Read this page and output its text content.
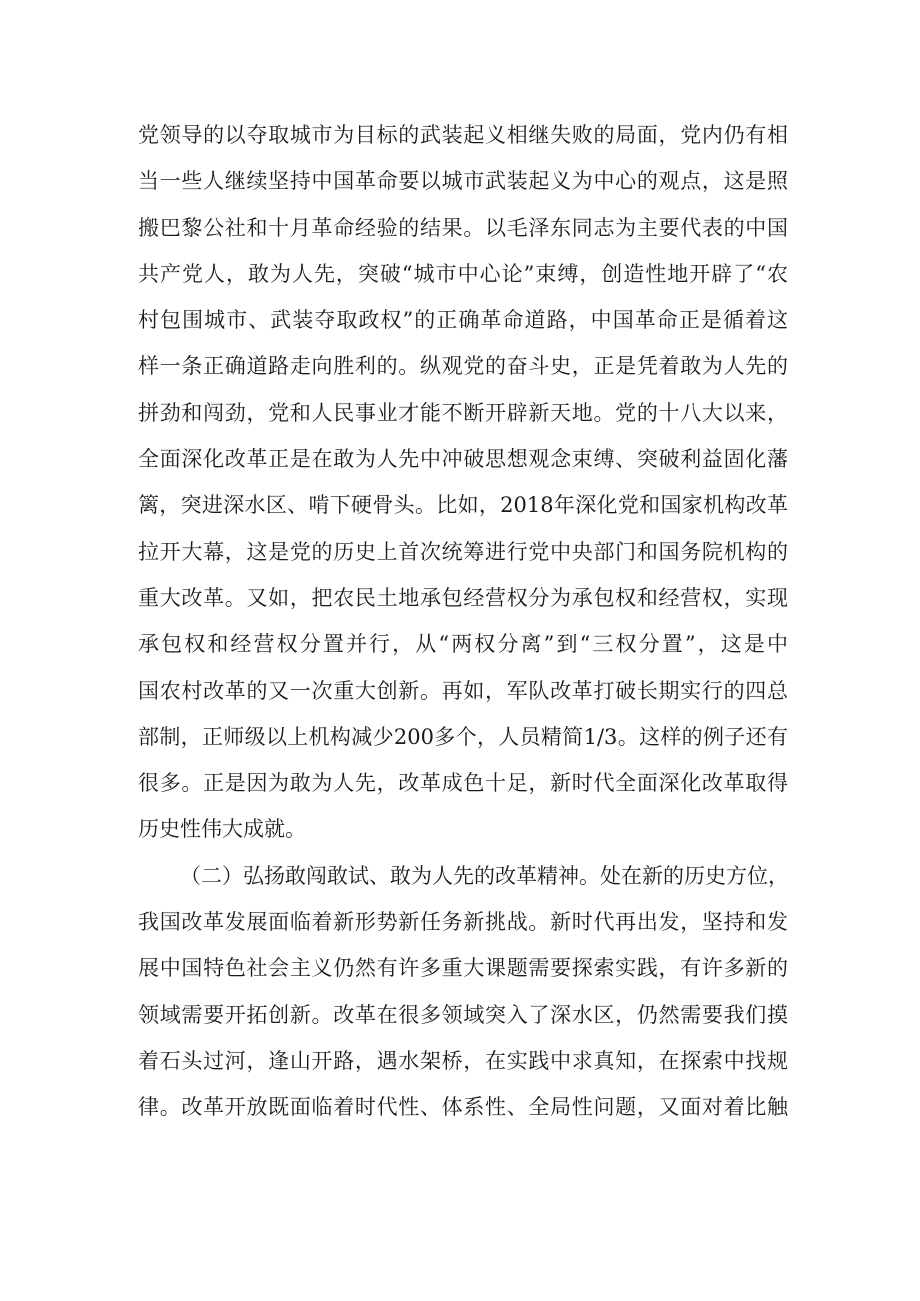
党领导的以夺取城市为目标的武装起义相继失败的局面，党内仍有相
当一些人继续坚持中国革命要以城市武装起义为中心的观点，这是照
搬巴黎公社和十月革命经验的结果。以毛泽东同志为主要代表的中国
共产党人，敢为人先，突破“城市中心论”束缚，创造性地开辟了“农
村包围城市、武装夺取政权”的正确革命道路，中国革命正是循着这
样一条正确道路走向胜利的。纵观党的奋斗史，正是凭着敢为人先的
拼劲和闯劲，党和人民事业才能不断开辟新天地。党的十八大以来，
全面深化改革正是在敢为人先中冲破思想观念束缚、突破利益固化藩
篱，突进深水区、啃下硬骨头。比如，2018年深化党和国家机构改革
拉开大幕，这是党的历史上首次统筹进行党中央部门和国务院机构的
重大改革。又如，把农民土地承包经营权分为承包权和经营权，实现
承包权和经营权分置并行，从“两权分离”到“三权分置”，这是中
国农村改革的又一次重大创新。再如，军队改革打破长期实行的四总
部制，正师级以上机构减少200多个，人员精简1/3。这样的例子还有
很多。正是因为敢为人先，改革成色十足，新时代全面深化改革取得
历史性伟大成就。
（二）弘扬敢闯敢试、敢为人先的改革精神。处在新的历史方位，
我国改革发展面临着新形势新任务新挑战。新时代再出发，坚持和发
展中国特色社会主义仍然有许多重大课题需要探索实践，有许多新的
领域需要开拓创新。改革在很多领域突入了深水区，仍然需要我们摸
着石头过河，逢山开路，遇水架桥，在实践中求真知，在探索中找规
律。改革开放既面临着时代性、体系性、全局性问题，又面对着比触
